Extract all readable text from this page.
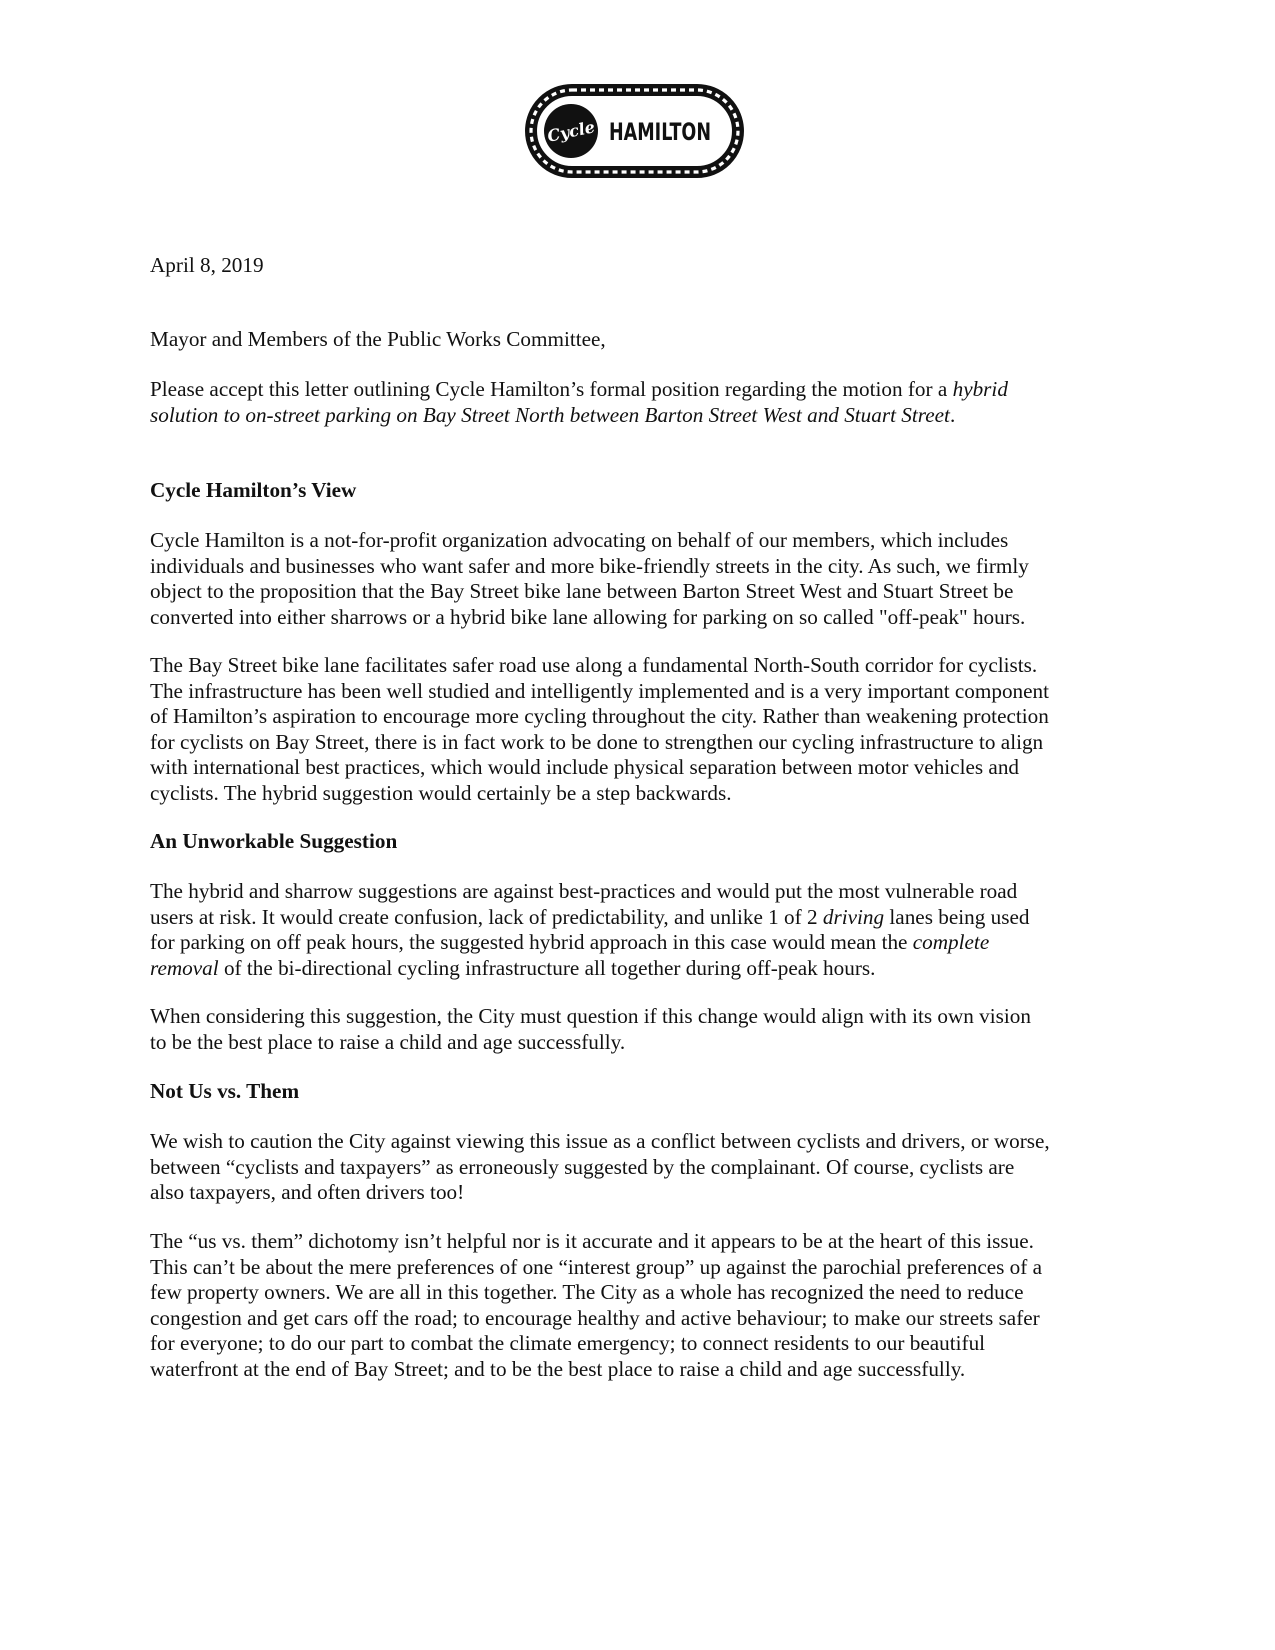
Cycle HAMILTON

April 8, 2019

Mayor and Members of the Public Works Committee,

Please accept this letter outlining Cycle Hamilton’s formal position regarding the motion for a hybrid
solution to on-street parking on Bay Street North between Barton Street West and Stuart Street.

Cycle Hamilton’s View

Cycle Hamilton is a not-for-profit organization advocating on behalf of our members, which includes
individuals and businesses who want safer and more bike-friendly streets in the city. As such, we firmly
object to the proposition that the Bay Street bike lane between Barton Street West and Stuart Street be
converted into either sharrows or a hybrid bike lane allowing for parking on so called "off-peak" hours.
The Bay Street bike lane facilitates safer road use along a fundamental North-South corridor for cyclists.
The infrastructure has been well studied and intelligently implemented and is a very important component
of Hamilton’s aspiration to encourage more cycling throughout the city. Rather than weakening protection
for cyclists on Bay Street, there is in fact work to be done to strengthen our cycling infrastructure to align
with international best practices, which would include physical separation between motor vehicles and
cyclists. The hybrid suggestion would certainly be a step backwards.

An Unworkable Suggestion

The hybrid and sharrow suggestions are against best-practices and would put the most vulnerable road
users at risk. It would create confusion, lack of predictability, and unlike 1 of 2 driving lanes being used
for parking on off peak hours, the suggested hybrid approach in this case would mean the complete
removal of the bi-directional cycling infrastructure all together during off-peak hours.
When considering this suggestion, the City must question if this change would align with its own vision
to be the best place to raise a child and age successfully.

Not Us vs. Them

We wish to caution the City against viewing this issue as a conflict between cyclists and drivers, or worse,
between “cyclists and taxpayers” as erroneously suggested by the complainant. Of course, cyclists are
also taxpayers, and often drivers too!
The “us vs. them” dichotomy isn’t helpful nor is it accurate and it appears to be at the heart of this issue.
This can’t be about the mere preferences of one “interest group” up against the parochial preferences of a
few property owners. We are all in this together. The City as a whole has recognized the need to reduce
congestion and get cars off the road; to encourage healthy and active behaviour; to make our streets safer
for everyone; to do our part to combat the climate emergency; to connect residents to our beautiful
waterfront at the end of Bay Street; and to be the best place to raise a child and age successfully.
